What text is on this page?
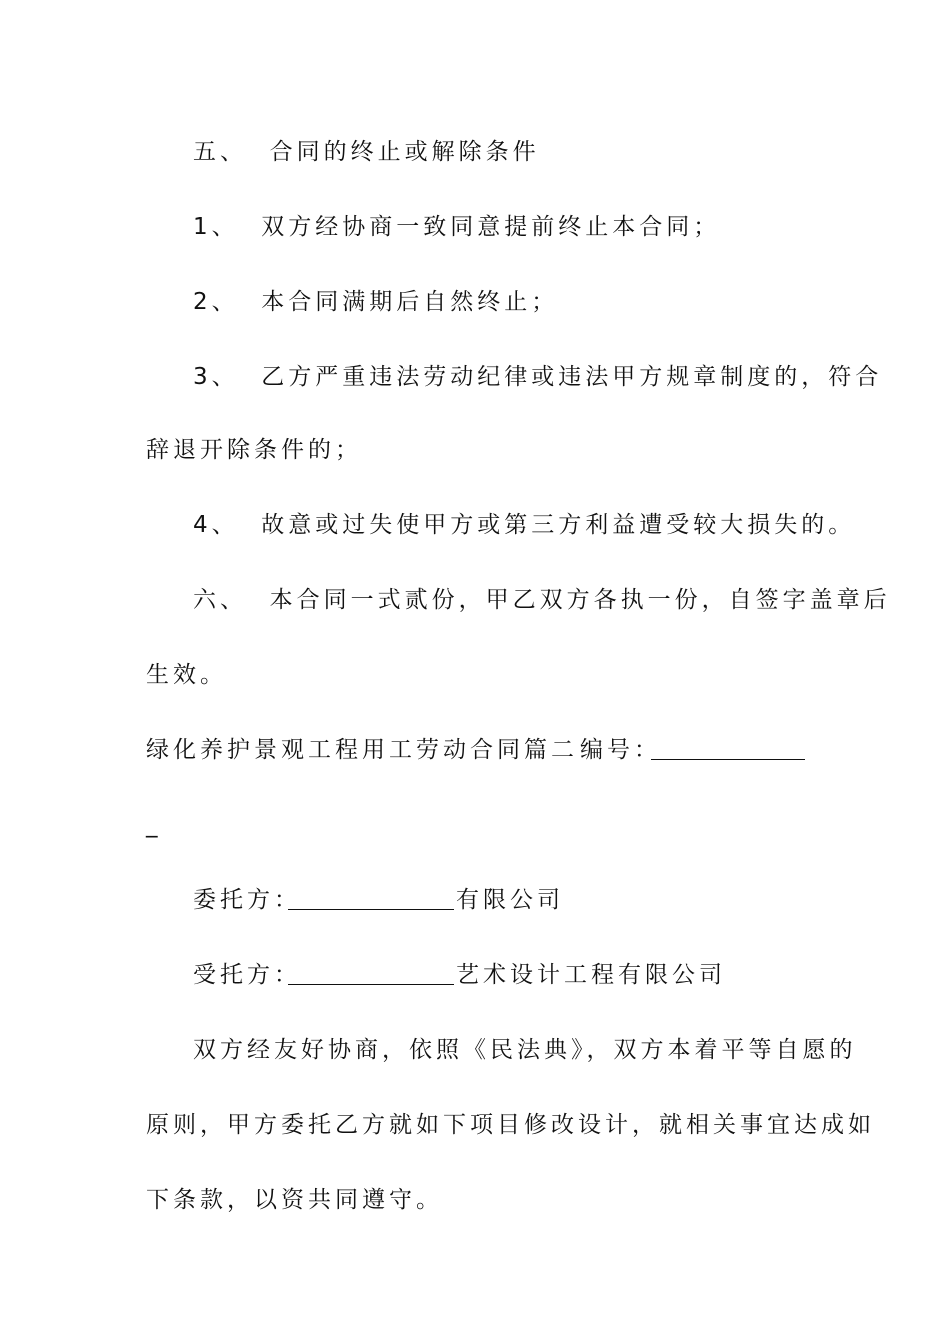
五、  合同的终止或解除条件
1、  双方经协商一致同意提前终止本合同；
2、  本合同满期后自然终止；
3、  乙方严重违法劳动纪律或违法甲方规章制度的，符合
辞退开除条件的；
4、  故意或过失使甲方或第三方利益遭受较大损失的。
六、  本合同一式贰份，甲乙双方各执一份，自签字盖章后
生效。
绿化养护景观工程用工劳动合同篇二 编号：
_
委托方：	有限公司
受托方：	艺术设计工程有限公司
双方经友好协商，依照《民法典》，双方本着平等自愿的
原则，甲方委托乙方就如下项目修改设计，就相关事宜达成如
下条款，以资共同遵守。
